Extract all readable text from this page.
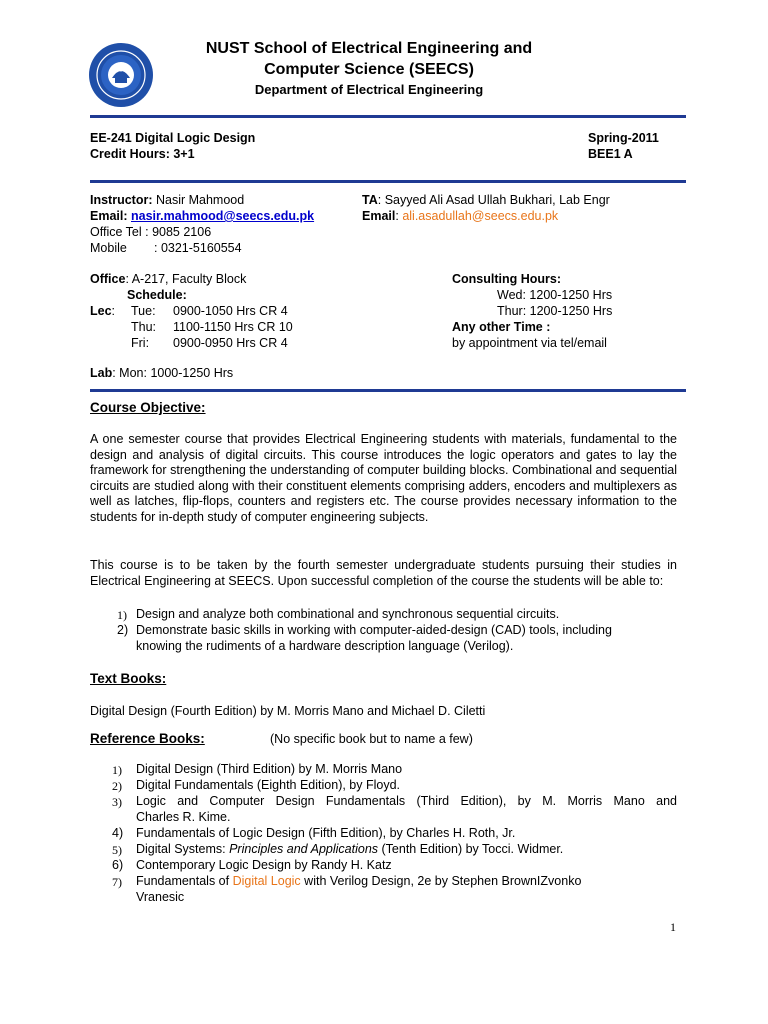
NUST School of Electrical Engineering and
Computer Science (SEECS)
Department of Electrical Engineering
EE-241 Digital Logic Design
Credit Hours: 3+1
Spring-2011
BEE1 A
Instructor: Nasir Mahmood
Email: nasir.mahmood@seecs.edu.pk
Office Tel : 9085 2106
Mobile : 0321-5160554
TA: Sayyed Ali Asad Ullah Bukhari, Lab Engr
Email: ali.asadullah@seecs.edu.pk
Office: A-217, Faculty Block
Schedule:
Lec: Tue: 0900-1050 Hrs CR 4
Thu: 1100-1150 Hrs CR 10
Fri: 0900-0950 Hrs CR 4
Lab: Mon: 1000-1250 Hrs
Consulting Hours:
Wed: 1200-1250 Hrs
Thur: 1200-1250 Hrs
Any other Time :
by appointment via tel/email
Course Objective:
A one semester course that provides Electrical Engineering students with materials, fundamental to the design and analysis of digital circuits. This course introduces the logic operators and gates to lay the framework for strengthening the understanding of computer building blocks. Combinational and sequential circuits are studied along with their constituent elements comprising adders, encoders and multiplexers as well as latches, flip-flops, counters and registers etc. The course provides necessary information to the students for in-depth study of computer engineering subjects.
This course is to be taken by the fourth semester undergraduate students pursuing their studies in Electrical Engineering at SEECS. Upon successful completion of the course the students will be able to:
1) Design and analyze both combinational and synchronous sequential circuits.
2) Demonstrate basic skills in working with computer-aided-design (CAD) tools, including
knowing the rudiments of a hardware description language (Verilog).
Text Books:
Digital Design (Fourth Edition) by M. Morris Mano and Michael D. Ciletti
Reference Books:	(No specific book but to name a few)
1) Digital Design (Third Edition) by M. Morris Mano
2) Digital Fundamentals (Eighth Edition), by Floyd.
3) Logic and Computer Design Fundamentals (Third Edition), by M. Morris Mano and
Charles R. Kime.
4) Fundamentals of Logic Design (Fifth Edition), by Charles H. Roth, Jr.
5) Digital Systems: Principles and Applications (Tenth Edition) by Tocci. Widmer.
6) Contemporary Logic Design by Randy H. Katz
7) Fundamentals of Digital Logic with Verilog Design, 2e by Stephen BrownIZvonko
Vranesic
1
